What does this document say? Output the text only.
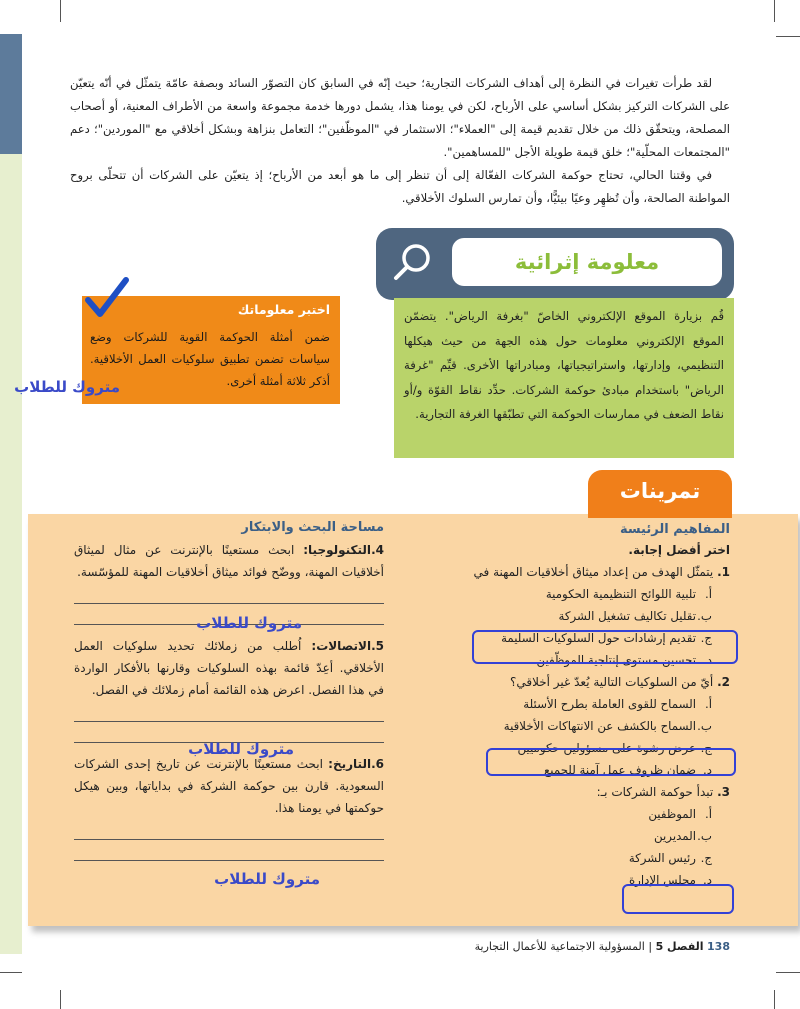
لقد طرأت تغيرات في النظرة إلى أهداف الشركات التجارية؛ حيث إنّه في السابق كان التصوّر السائد وبصفة عامّة يتمثّل في أنّه يتعيّن على الشركات التركيز بشكل أساسي على الأرباح، لكن في يومنا هذا، يشمل دورها خدمة مجموعة واسعة من الأطراف المعنية، أو أصحاب المصلحة، ويتحقّق ذلك من خلال تقديم قيمة إلى "العملاء"؛ الاستثمار في "الموظّفين"؛ التعامل بنزاهة وبشكل أخلاقي مع "الموردين"؛ دعم "المجتمعات المحلّية"؛ خلق قيمة طويلة الأجل "للمساهمين".

في وقتنا الحالي، تحتاج حوكمة الشركات الفعّالة إلى أن تنظر إلى ما هو أبعد من الأرباح؛ إذ يتعيّن على الشركات أن تتحلّى بروح المواطنة الصالحة، وأن تُظهِر وعيًا بيئيًّا، وأن تمارس السلوك الأخلاقي.

معلومة إثرائية
قُم بزيارة الموقع الإلكتروني الخاصّ "بغرفة الرياض". يتضمّن الموقع الإلكتروني معلومات حول هذه الجهة من حيث هيكلها التنظيمي، وإدارتها، واستراتيجياتها، ومبادراتها الأخرى. قيِّم "غرفة الرياض" باستخدام مبادئ حوكمة الشركات. حدِّد نقاط القوّة و/أو نقاط الضعف في ممارسات الحوكمة التي تطبّقها الغرفة التجارية.
اختبر معلوماتك
ضمن أمثلة الحوكمة القوية للشركات وضع سياسات تضمن تطبيق سلوكيات العمل الأخلاقية. أذكر ثلاثة أمثلة أخرى.
متروك للطلاب
تمرينات
المفاهيم الرئيسة
اختر أفضل إجابة.
1. يتمثّل الهدف من إعداد ميثاق أخلاقيات المهنة في
أ.تلبية اللوائح التنظيمية الحكومية
ب.تقليل تكاليف تشغيل الشركة
ج.تقديم إرشادات حول السلوكيات السليمة
د.تحسين مستوى إنتاجية الموظّفين
2. أيّ من السلوكيات التالية يُعدّ غير أخلاقي؟
أ.السماح للقوى العاملة بطرح الأسئلة
ب.السماح بالكشف عن الانتهاكات الأخلاقية
ج.عرض رشوة على مسؤولين حكوميين
د.ضمان ظروف عمل آمنة للجميع
3. تبدأ حوكمة الشركات بـ:
أ.الموظفين
ب.المديرين
ج.رئيس الشركة
د.مجلس الإدارة
مساحة البحث والابتكار
4.التكنولوجيا: ابحث مستعينًا بالإنترنت عن مثال لميثاق أخلاقيات المهنة، ووضّح فوائد ميثاق أخلاقيات المهنة للمؤسّسة.
5.الاتصالات: اُطلب من زملائك تحديد سلوكيات العمل الأخلاقي. أعِدّ قائمة بهذه السلوكيات وقارنها بالأفكار الواردة في هذا الفصل. اعرض هذه القائمة أمام زملائك في الفصل.
6.التاريخ: ابحث مستعينًا بالإنترنت عن تاريخ إحدى الشركات السعودية. قارن بين حوكمة الشركة في بداياتها، وبين هيكل حوكمتها في يومنا هذا.
متروك للطلاب
متروك للطلاب
متروك للطلاب
138 الفصل 5 | المسؤولية الاجتماعية للأعمال التجارية
